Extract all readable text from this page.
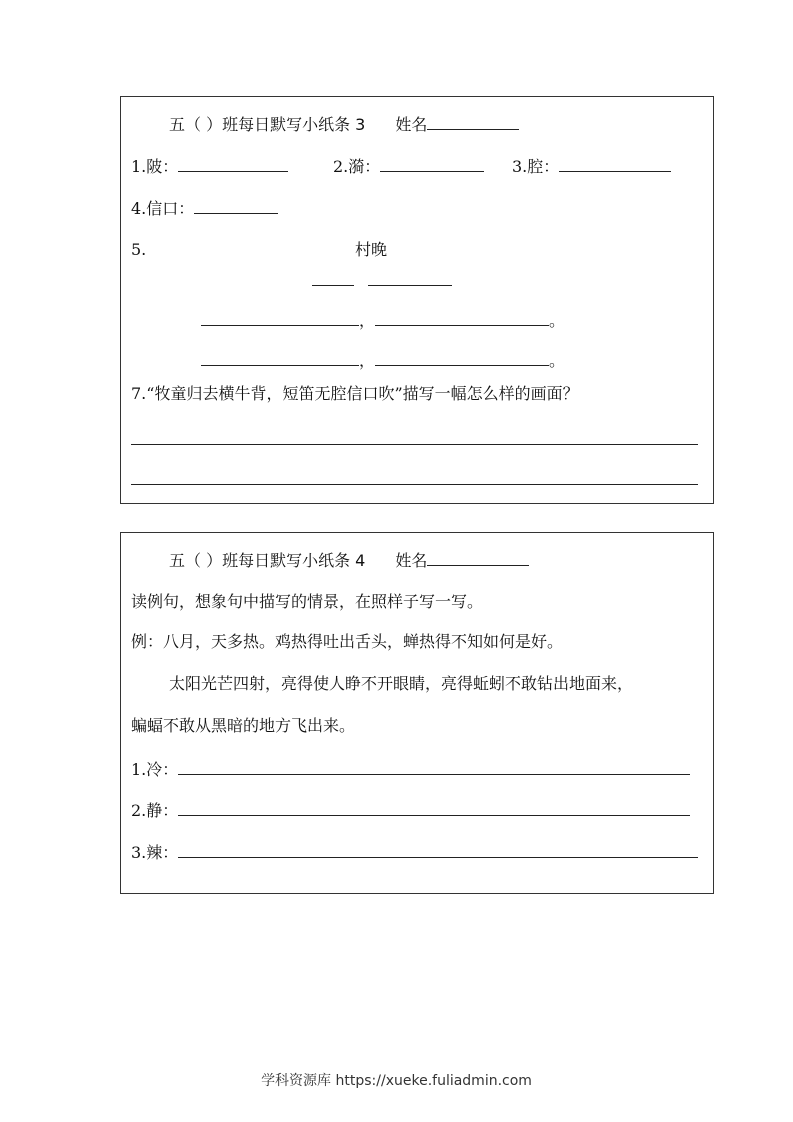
五（ ）班每日默写小纸条 3 姓名
1.陂：	2.漪：	3.腔：
4.信口：
5.	村晚
，	。
，	。
7.“牧童归去横牛背，短笛无腔信口吹”描写一幅怎么样的画面？
五（ ）班每日默写小纸条 4 姓名
读例句，想象句中描写的情景，在照样子写一写。
例：八月，天多热。鸡热得吐出舌头，蝉热得不知如何是好。
太阳光芒四射，亮得使人睁不开眼睛，亮得蚯蚓不敢钻出地面来，
蝙蝠不敢从黑暗的地方飞出来。
1.冷：
2.静：
3.辣：
学科资源库 https://xueke.fuliadmin.com
